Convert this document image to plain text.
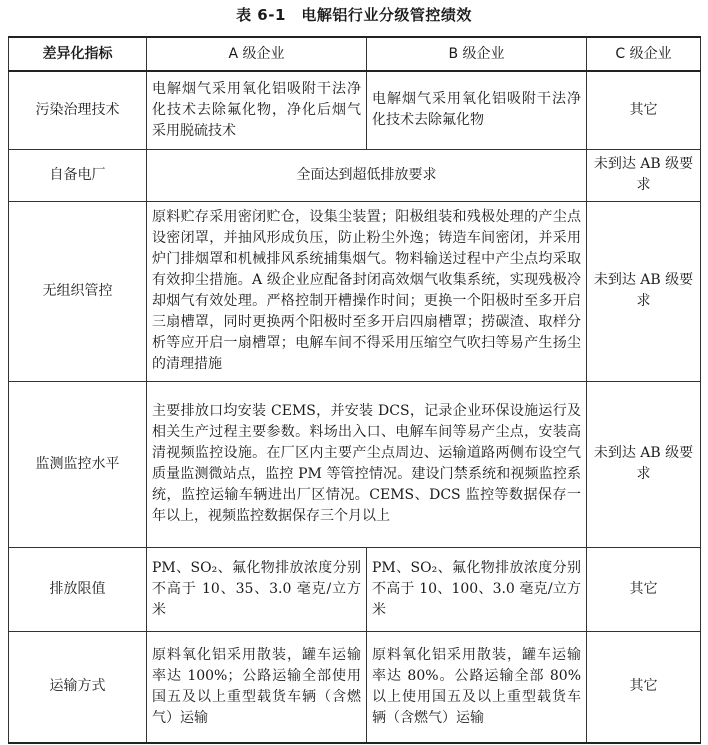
表 6-1　电解铝行业分级管控绩效
差异化指标	A 级企业	B 级企业	C 级企业
污染治理技术	电解烟气采用氧化铝吸附干法净化技术去除氟化物，净化后烟气采用脱硫技术	电解烟气采用氧化铝吸附干法净化技术去除氟化物	其它
自备电厂	全面达到超低排放要求		未到达 AB 级要求
无组织管控	原料贮存采用密闭贮仓，设集尘装置；阳极组装和残极处理的产尘点设密闭罩，并抽风形成负压，防止粉尘外逸；铸造车间密闭，并采用炉门排烟罩和机械排风系统捕集烟气。物料输送过程中产尘点均采取有效抑尘措施。A 级企业应配备封闭高效烟气收集系统，实现残极冷却烟气有效处理。严格控制开槽操作时间；更换一个阳极时至多开启三扇槽罩，同时更换两个阳极时至多开启四扇槽罩；捞碳渣、取样分析等应开启一扇槽罩；电解车间不得采用压缩空气吹扫等易产生扬尘的清理措施		未到达 AB 级要求
监测监控水平	主要排放口均安装 CEMS，并安装 DCS，记录企业环保设施运行及相关生产过程主要参数。料场出入口、电解车间等易产尘点，安装高清视频监控设施。在厂区内主要产尘点周边、运输道路两侧布设空气质量监测微站点，监控 PM 等管控情况。建设门禁系统和视频监控系统，监控运输车辆进出厂区情况。CEMS、DCS 监控等数据保存一年以上，视频监控数据保存三个月以上		未到达 AB 级要求
排放限值	PM、SO₂、氟化物排放浓度分别不高于 10、35、3.0 毫克/立方米	PM、SO₂、氟化物排放浓度分别不高于 10、100、3.0 毫克/立方米	其它
运输方式	原料氧化铝采用散装，罐车运输率达 100%；公路运输全部使用国五及以上重型载货车辆（含燃气）运输	原料氧化铝采用散装，罐车运输率达 80%。公路运输全部 80% 以上使用国五及以上重型载货车辆（含燃气）运输	其它
